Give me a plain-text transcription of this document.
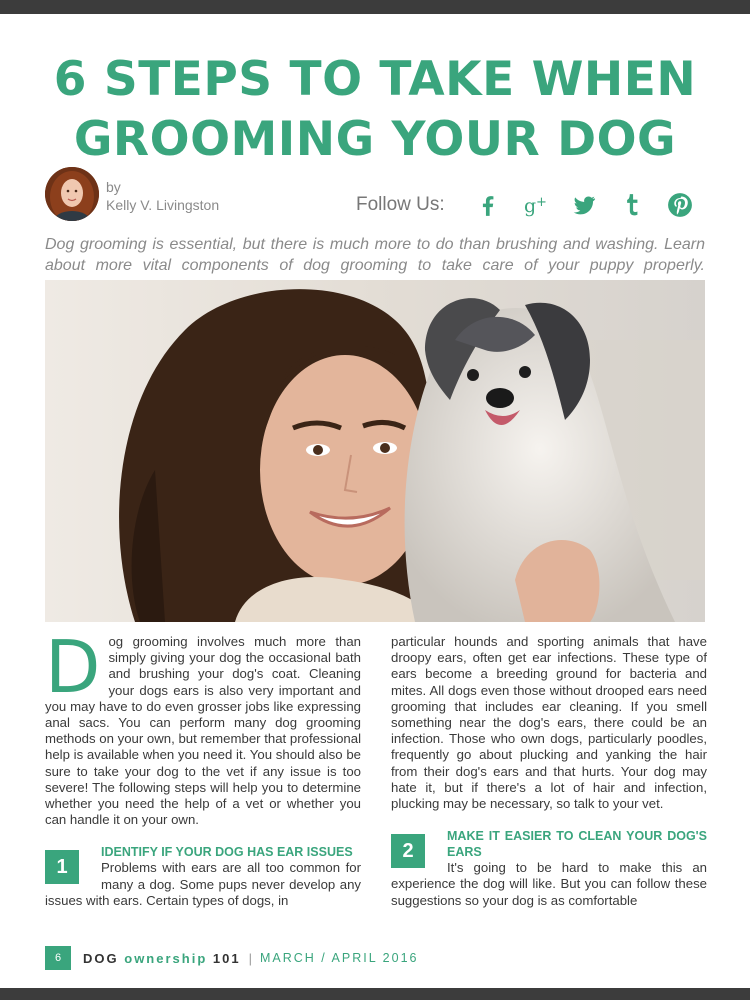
6 STEPS TO TAKE WHEN
GROOMING YOUR DOG
by
Kelly V. Livingston	Follow Us:	g +
Dog grooming is essential, but there is much more to do than brushing and washing. Learn about more vital components of dog grooming to take care of your puppy properly.

Dog grooming involves much more than simply giving your dog the occasional bath and brushing your dog's coat. Cleaning your dogs ears is also very important and you may have to do even grosser jobs like expressing anal sacs. You can perform many dog grooming methods on your own, but remember that professional help is available when you need it. You should also be sure to take your dog to the vet if any issue is too severe! The following steps will help you to determine whether you need the help of a vet or whether you can handle it on your own.

1
IDENTIFY IF YOUR DOG HAS EAR ISSUES
Problems with ears are all too common for many a dog. Some pups never develop any issues with ears. Certain types of dogs, in

particular hounds and sporting animals that have droopy ears, often get ear infections. These type of ears become a breeding ground for bacteria and mites. All dogs even those without drooped ears need grooming that includes ear cleaning. If you smell something near the dog's ears, there could be an infection. Those who own dogs, particularly poodles, frequently go about plucking and yanking the hair from their dog's ears and that hurts. Your dog may hate it, but if there's a lot of hair and infection, plucking may be necessary, so talk to your vet.

2
MAKE IT EASIER TO CLEAN YOUR DOG'S EARS
It's going to be hard to make this an experience the dog will like. But you can follow these suggestions so your dog is as comfortable
6	DOG ownership 101 | MARCH / APRIL 2016
